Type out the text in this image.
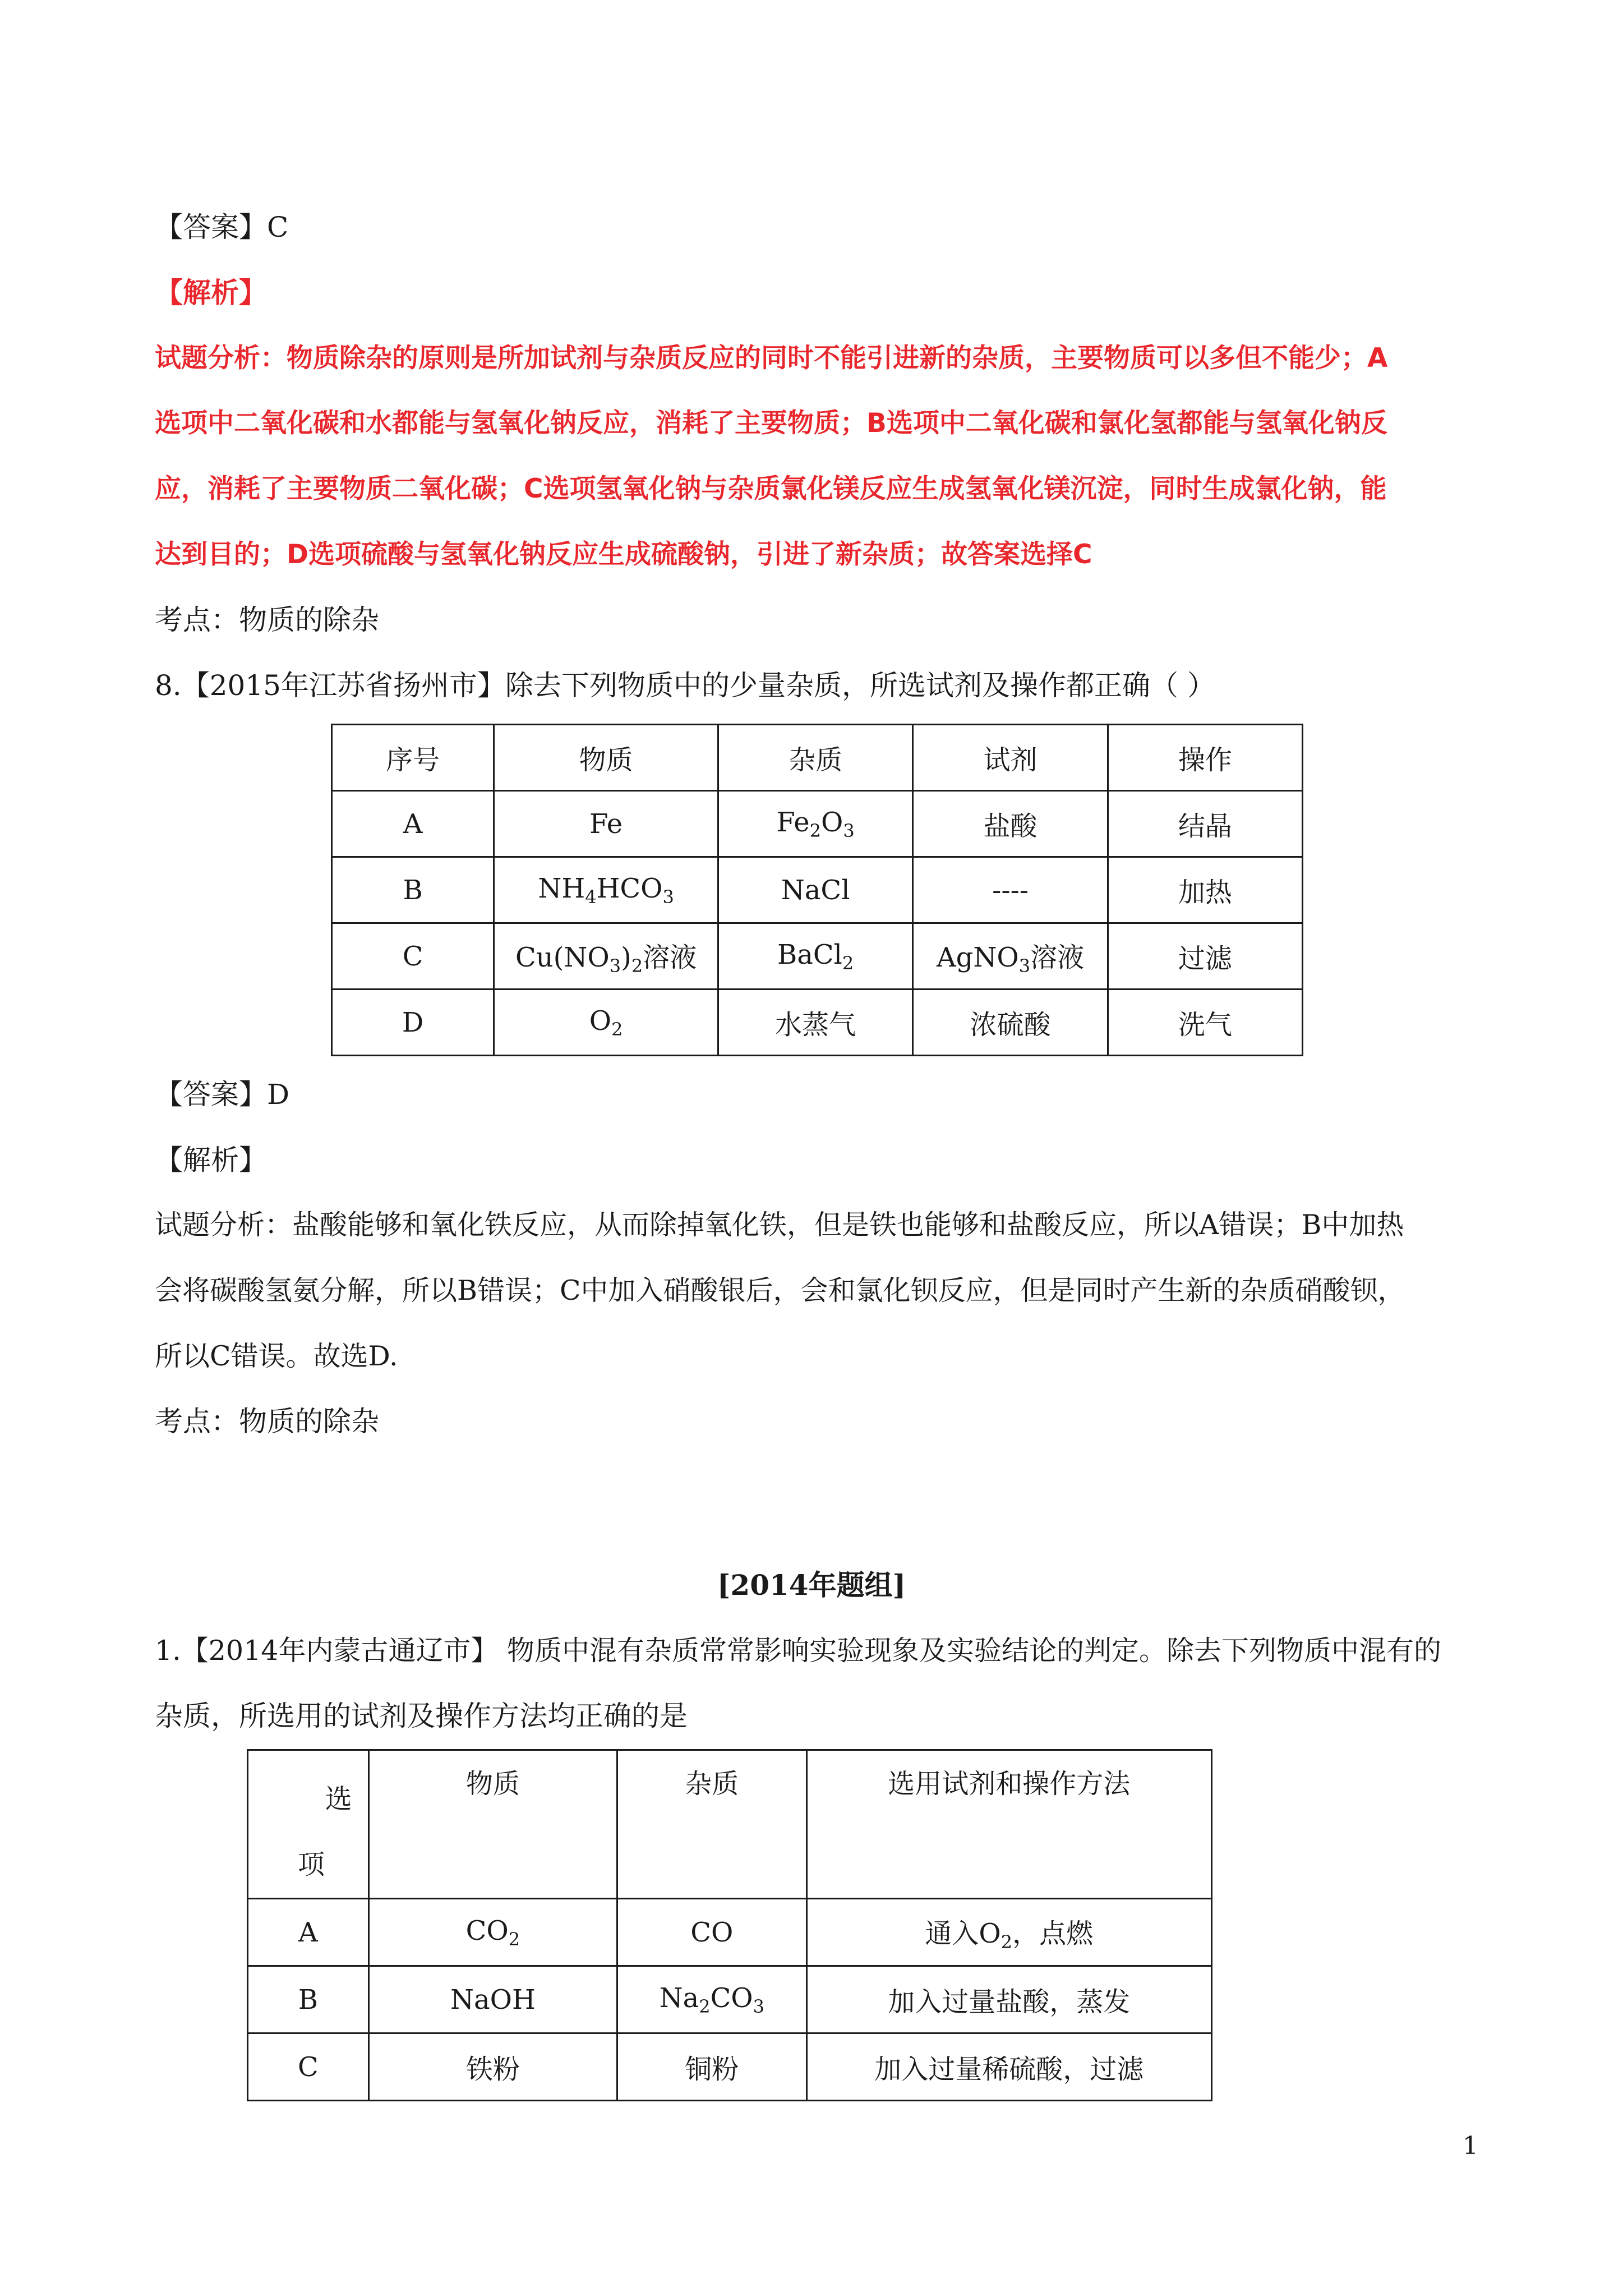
【答案】C
【解析】
试题分析：物质除杂的原则是所加试剂与杂质反应的同时不能引进新的杂质，主要物质可以多但不能少；A
选项中二氧化碳和水都能与氢氧化钠反应，消耗了主要物质；B选项中二氧化碳和氯化氢都能与氢氧化钠反
应，消耗了主要物质二氧化碳；C选项氢氧化钠与杂质氯化镁反应生成氢氧化镁沉淀，同时生成氯化钠，能
达到目的；D选项硫酸与氢氧化钠反应生成硫酸钠，引进了新杂质；故答案选择C
考点：物质的除杂
8.【2015年江苏省扬州市】除去下列物质中的少量杂质，所选试剂及操作都正确（ ）
序号	物质	杂质	试剂	操作
A	Fe	$Fe_2O_3$	盐酸	结晶
B	$NH_4HCO_3$	NaCl	----	加热
C	$Cu(NO_3)_2$溶液	BaCl$_2$	AgNO$_3$溶液	过滤
D	$O_2$	水蒸气	浓硫酸	洗气
【答案】D
【解析】
试题分析：盐酸能够和氧化铁反应，从而除掉氧化铁，但是铁也能够和盐酸反应，所以A错误；B中加热
会将碳酸氢氨分解，所以B错误；C中加入硝酸银后，会和氯化钡反应，但是同时产生新的杂质硝酸钡，
所以C错误。故选D.
考点：物质的除杂
[2014年题组]
1.【2014年内蒙古通辽市】 物质中混有杂质常常影响实验现象及实验结论的判定。除去下列物质中混有的
杂质，所选用的试剂及操作方法均正确的是
选
项	物质	杂质	选用试剂和操作方法
A	$CO_2$	CO	通入$O_2$，点燃
B	NaOH	$Na_2CO_3$	加入过量盐酸，蒸发
C	铁粉	铜粉	加入过量稀硫酸，过滤
1
